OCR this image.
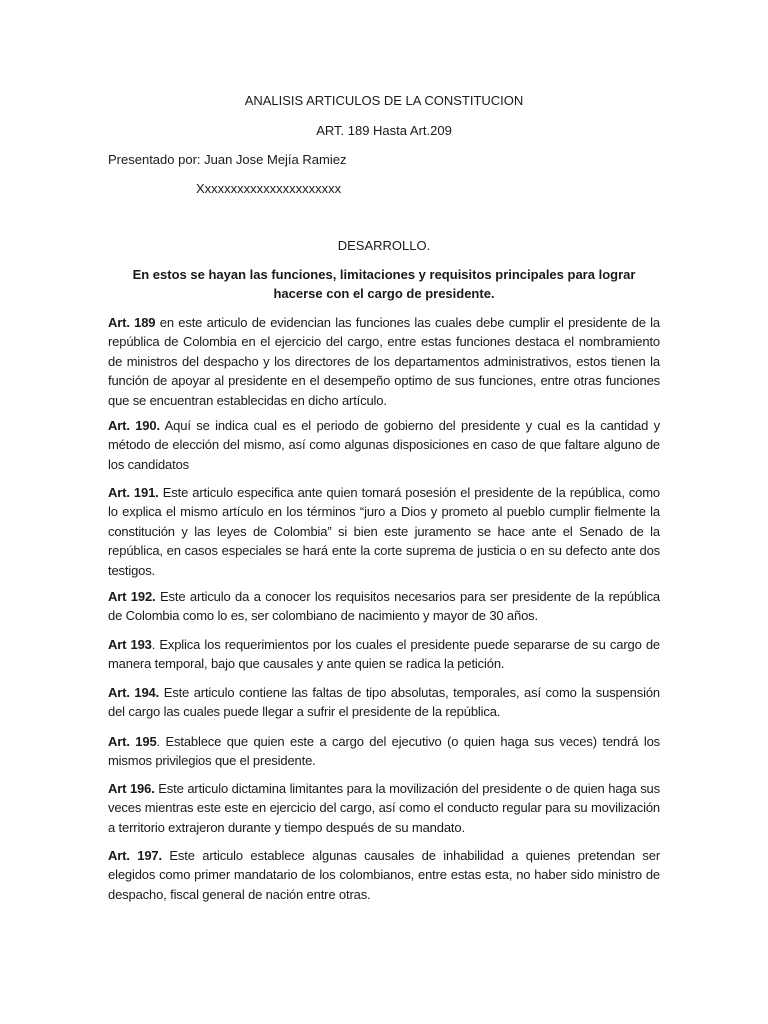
ANALISIS ARTICULOS DE LA CONSTITUCION
ART. 189 Hasta Art.209
Presentado por: Juan Jose Mejía Ramiez
Xxxxxxxxxxxxxxxxxxxxxx
DESARROLLO.
En estos se hayan las funciones, limitaciones y requisitos principales para lograr hacerse con el cargo de presidente.
Art. 189 en este articulo de evidencian las funciones las cuales debe cumplir el presidente de la república de Colombia en el ejercicio del cargo, entre estas funciones destaca el nombramiento de ministros del despacho y los directores de los departamentos administrativos, estos tienen la función de apoyar al presidente en el desempeño optimo de sus funciones, entre otras funciones que se encuentran establecidas en dicho artículo.
Art. 190. Aquí se indica cual es el periodo de gobierno del presidente y cual es la cantidad y método de elección del mismo, así como algunas disposiciones en caso de que faltare alguno de los candidatos
Art. 191. Este articulo especifica ante quien tomará posesión el presidente de la república, como lo explica el mismo artículo en los términos “juro a Dios y prometo al pueblo cumplir fielmente la constitución y las leyes de Colombia” si bien este juramento se hace ante el Senado de la república, en casos especiales se hará ente la corte suprema de justicia o en su defecto ante dos testigos.
Art 192. Este articulo da a conocer los requisitos necesarios para ser presidente de la república de Colombia como lo es, ser colombiano de nacimiento y mayor de 30 años.
Art 193. Explica los requerimientos por los cuales el presidente puede separarse de su cargo de manera temporal, bajo que causales y ante quien se radica la petición.
Art. 194. Este articulo contiene las faltas de tipo absolutas, temporales, así como la suspensión del cargo las cuales puede llegar a sufrir el presidente de la república.
Art. 195. Establece que quien este a cargo del ejecutivo (o quien haga sus veces) tendrá los mismos privilegios que el presidente.
Art 196. Este articulo dictamina limitantes para la movilización del presidente o de quien haga sus veces mientras este este en ejercicio del cargo, así como el conducto regular para su movilización a territorio extrajeron durante y tiempo después de su mandato.
Art. 197. Este articulo establece algunas causales de inhabilidad a quienes pretendan ser elegidos como primer mandatario de los colombianos, entre estas esta, no haber sido ministro de despacho, fiscal general de nación entre otras.
